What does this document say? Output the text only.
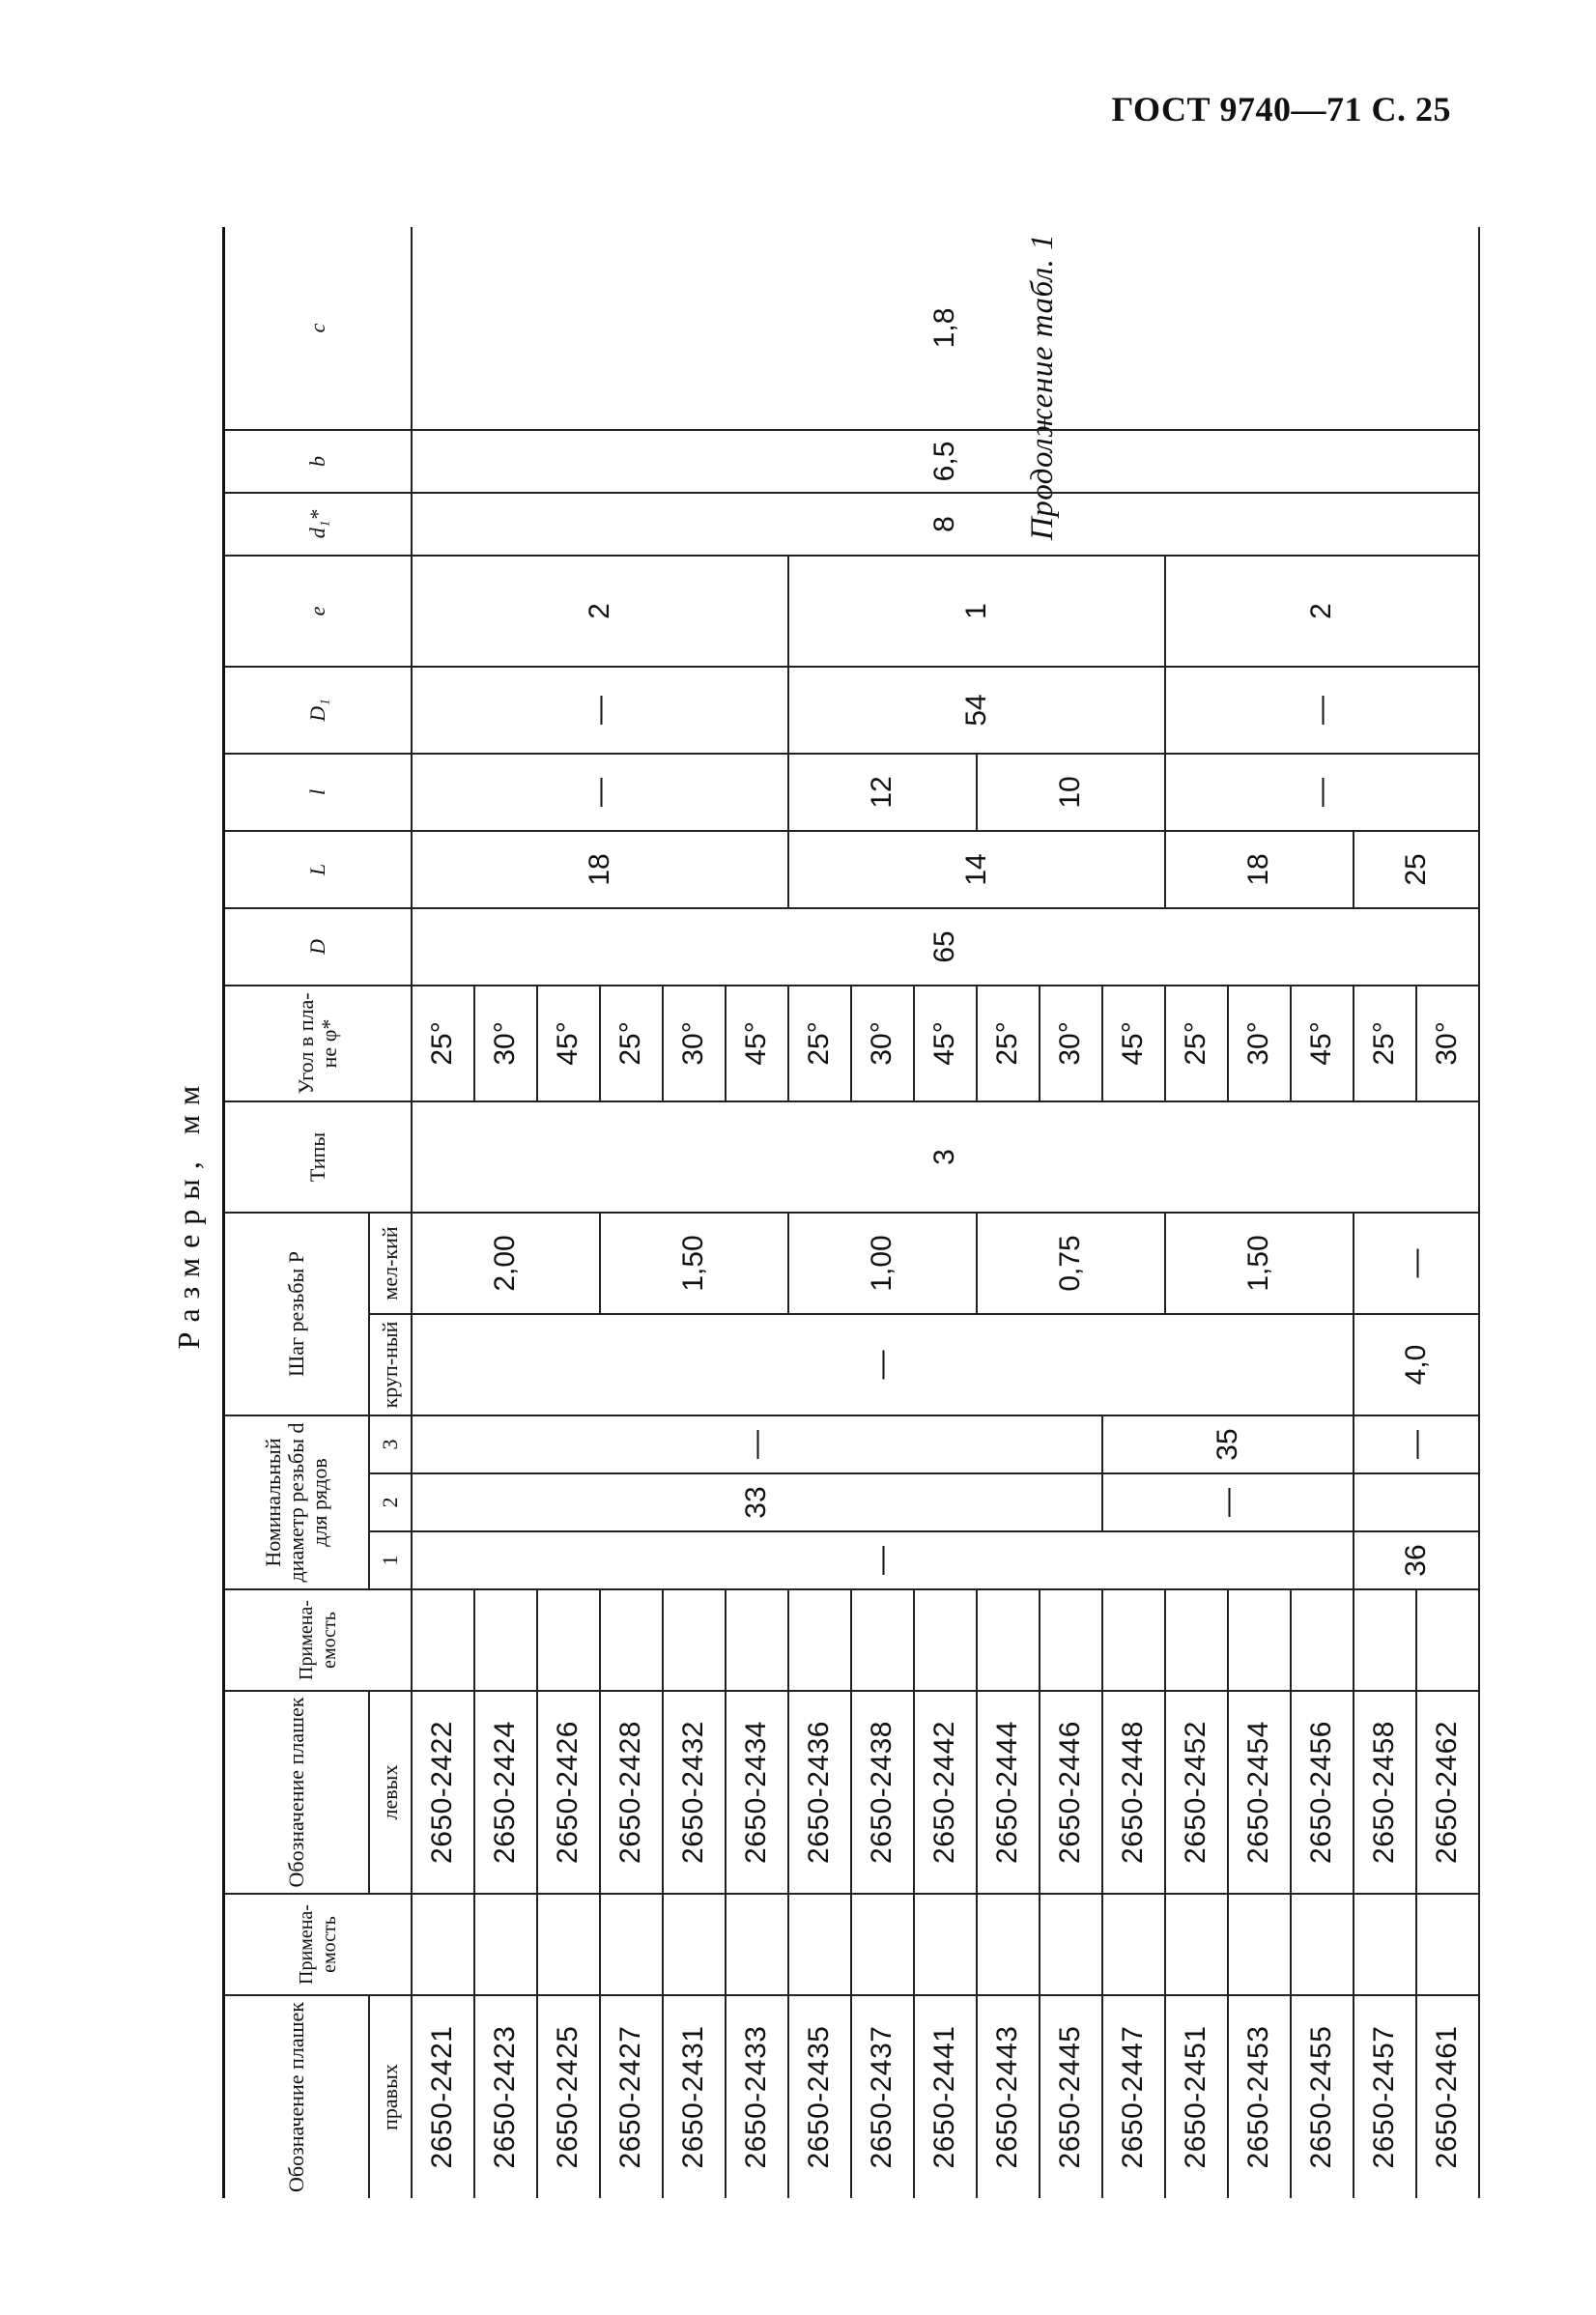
ГОСТ 9740—71 С. 25
Продолжение табл. 1
Размеры, мм
Обозначение плашек	Примена-емость	Обозначение плашек	Примена-емость	Номинальный диаметр резьбы d для рядов			Шаг резьбы P		Типы	Угол в пла-не φ*	D	L	l	D₁	e	d₁*	b	c
правых		левых		1	2	3	круп-ный	мел-кий										
2650-2421		2650-2422		—	33	—	—	2,00	3	25°	65	18	—	—	2	8	6,5	1,8
2650-2423		2650-2424								30°								
2650-2425		2650-2426								45°								
2650-2427		2650-2428						1,50		25°								
2650-2431		2650-2432								30°								
2650-2433		2650-2434								45°								
2650-2435		2650-2436						1,00		25°		14	12	54	1			
2650-2437		2650-2438								30°								
2650-2441		2650-2442								45°								
2650-2443		2650-2444						0,75		25°			10					
2650-2445		2650-2446								30°								
2650-2447		2650-2448			—	35				45°								
2650-2451		2650-2452						1,50		25°		18	—	—	2			
2650-2453		2650-2454								30°								
2650-2455		2650-2456								45°								
2650-2457		2650-2458		36		—	4,0	—		25°		25						
2650-2461		2650-2462								30°								
